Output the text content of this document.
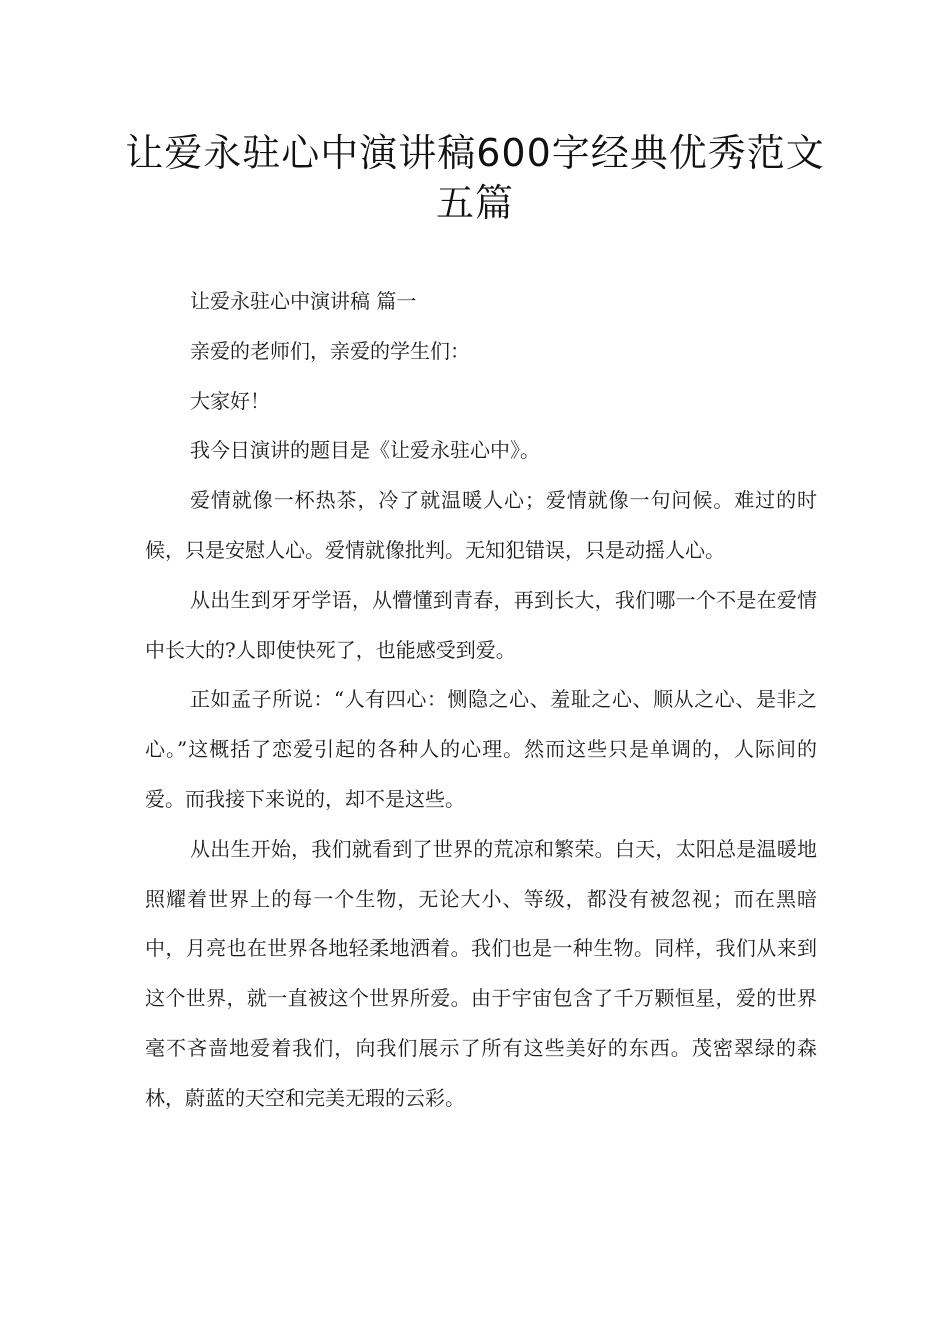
让爱永驻心中演讲稿600字经典优秀范文五篇

让爱永驻心中演讲稿 篇一

亲爱的老师们，亲爱的学生们：

大家好！

我今日演讲的题目是《让爱永驻心中》。

爱情就像一杯热茶，冷了就温暖人心；爱情就像一句问候。难过的时候，只是安慰人心。爱情就像批判。无知犯错误，只是动摇人心。

从出生到牙牙学语，从懵懂到青春，再到长大，我们哪一个不是在爱情中长大的?人即使快死了，也能感受到爱。

正如孟子所说：“人有四心：恻隐之心、羞耻之心、顺从之心、是非之心。”这概括了恋爱引起的各种人的心理。然而这些只是单调的，人际间的爱。而我接下来说的，却不是这些。

从出生开始，我们就看到了世界的荒凉和繁荣。白天，太阳总是温暖地照耀着世界上的每一个生物，无论大小、等级，都没有被忽视；而在黑暗中，月亮也在世界各地轻柔地洒着。我们也是一种生物。同样，我们从来到这个世界，就一直被这个世界所爱。由于宇宙包含了千万颗恒星，爱的世界毫不吝啬地爱着我们，向我们展示了所有这些美好的东西。茂密翠绿的森林，蔚蓝的天空和完美无瑕的云彩。
